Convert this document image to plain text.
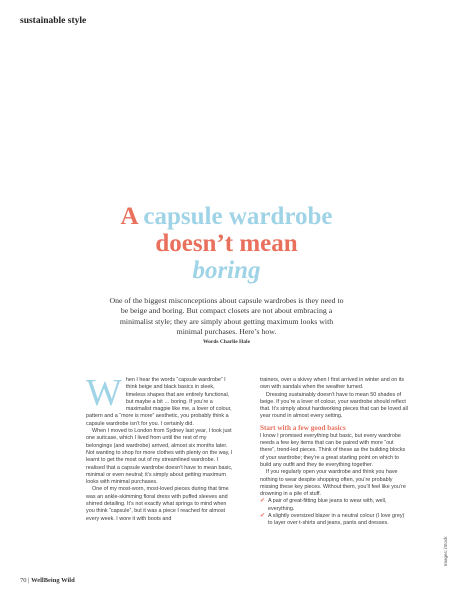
sustainable style
A capsule wardrobe
doesn’t mean
boring
One of the biggest misconceptions about capsule wardrobes is they need to be beige and boring. But compact closets are not about embracing a minimalist style; they are simply about getting maximum looks with minimal purchases. Here’s how.
Words Charlie Hale

When I hear the words “capsule wardrobe” I think beige and black basics in sleek, timeless shapes that are entirely functional, but maybe a bit … boring. If you’re a maximalist magpie like me, a lover of colour, pattern and a “more is more” aesthetic, you probably think a capsule wardrobe isn’t for you. I certainly did.

When I moved to London from Sydney last year, I took just one suitcase, which I lived from until the rest of my belongings (and wardrobe) arrived, almost six months later. Not wanting to shop for more clothes with plenty on the way, I learnt to get the most out of my streamlined wardrobe. I realised that a capsule wardrobe doesn’t have to mean basic, minimal or even neutral; it’s simply about getting maximum looks with minimal purchases.

One of my most-worn, most-loved pieces during that time was an ankle-skimming floral dress with puffed sleeves and shirred detailing. It’s not exactly what springs to mind when you think “capsule”, but it was a piece I reached for almost every week. I wore it with boots and

trainers, over a skivvy when I first arrived in winter and on its own with sandals when the weather turned.

Dressing sustainably doesn’t have to mean 50 shades of beige. If you’re a lover of colour, your wardrobe should reflect that. It’s simply about hardworking pieces that can be loved all year round in almost every setting.

Start with a few good basics

I know I promised everything but basic, but every wardrobe needs a few key items that can be paired with more “out there”, trend-led pieces. Think of these as the building blocks of your wardrobe; they’re a great starting point on which to build any outfit and they tie everything together.

If you regularly open your wardrobe and think you have nothing to wear despite shopping often, you’re probably missing these key pieces. Without them, you’ll feel like you’re drowning in a pile of stuff.

✔ A pair of great-fitting blue jeans to wear with, well, everything.
✔ A slightly oversized blazer in a neutral colour (I love grey) to layer over t-shirts and jeans, pants and dresses.
70 | WellBeing Wild
Images: iStock
